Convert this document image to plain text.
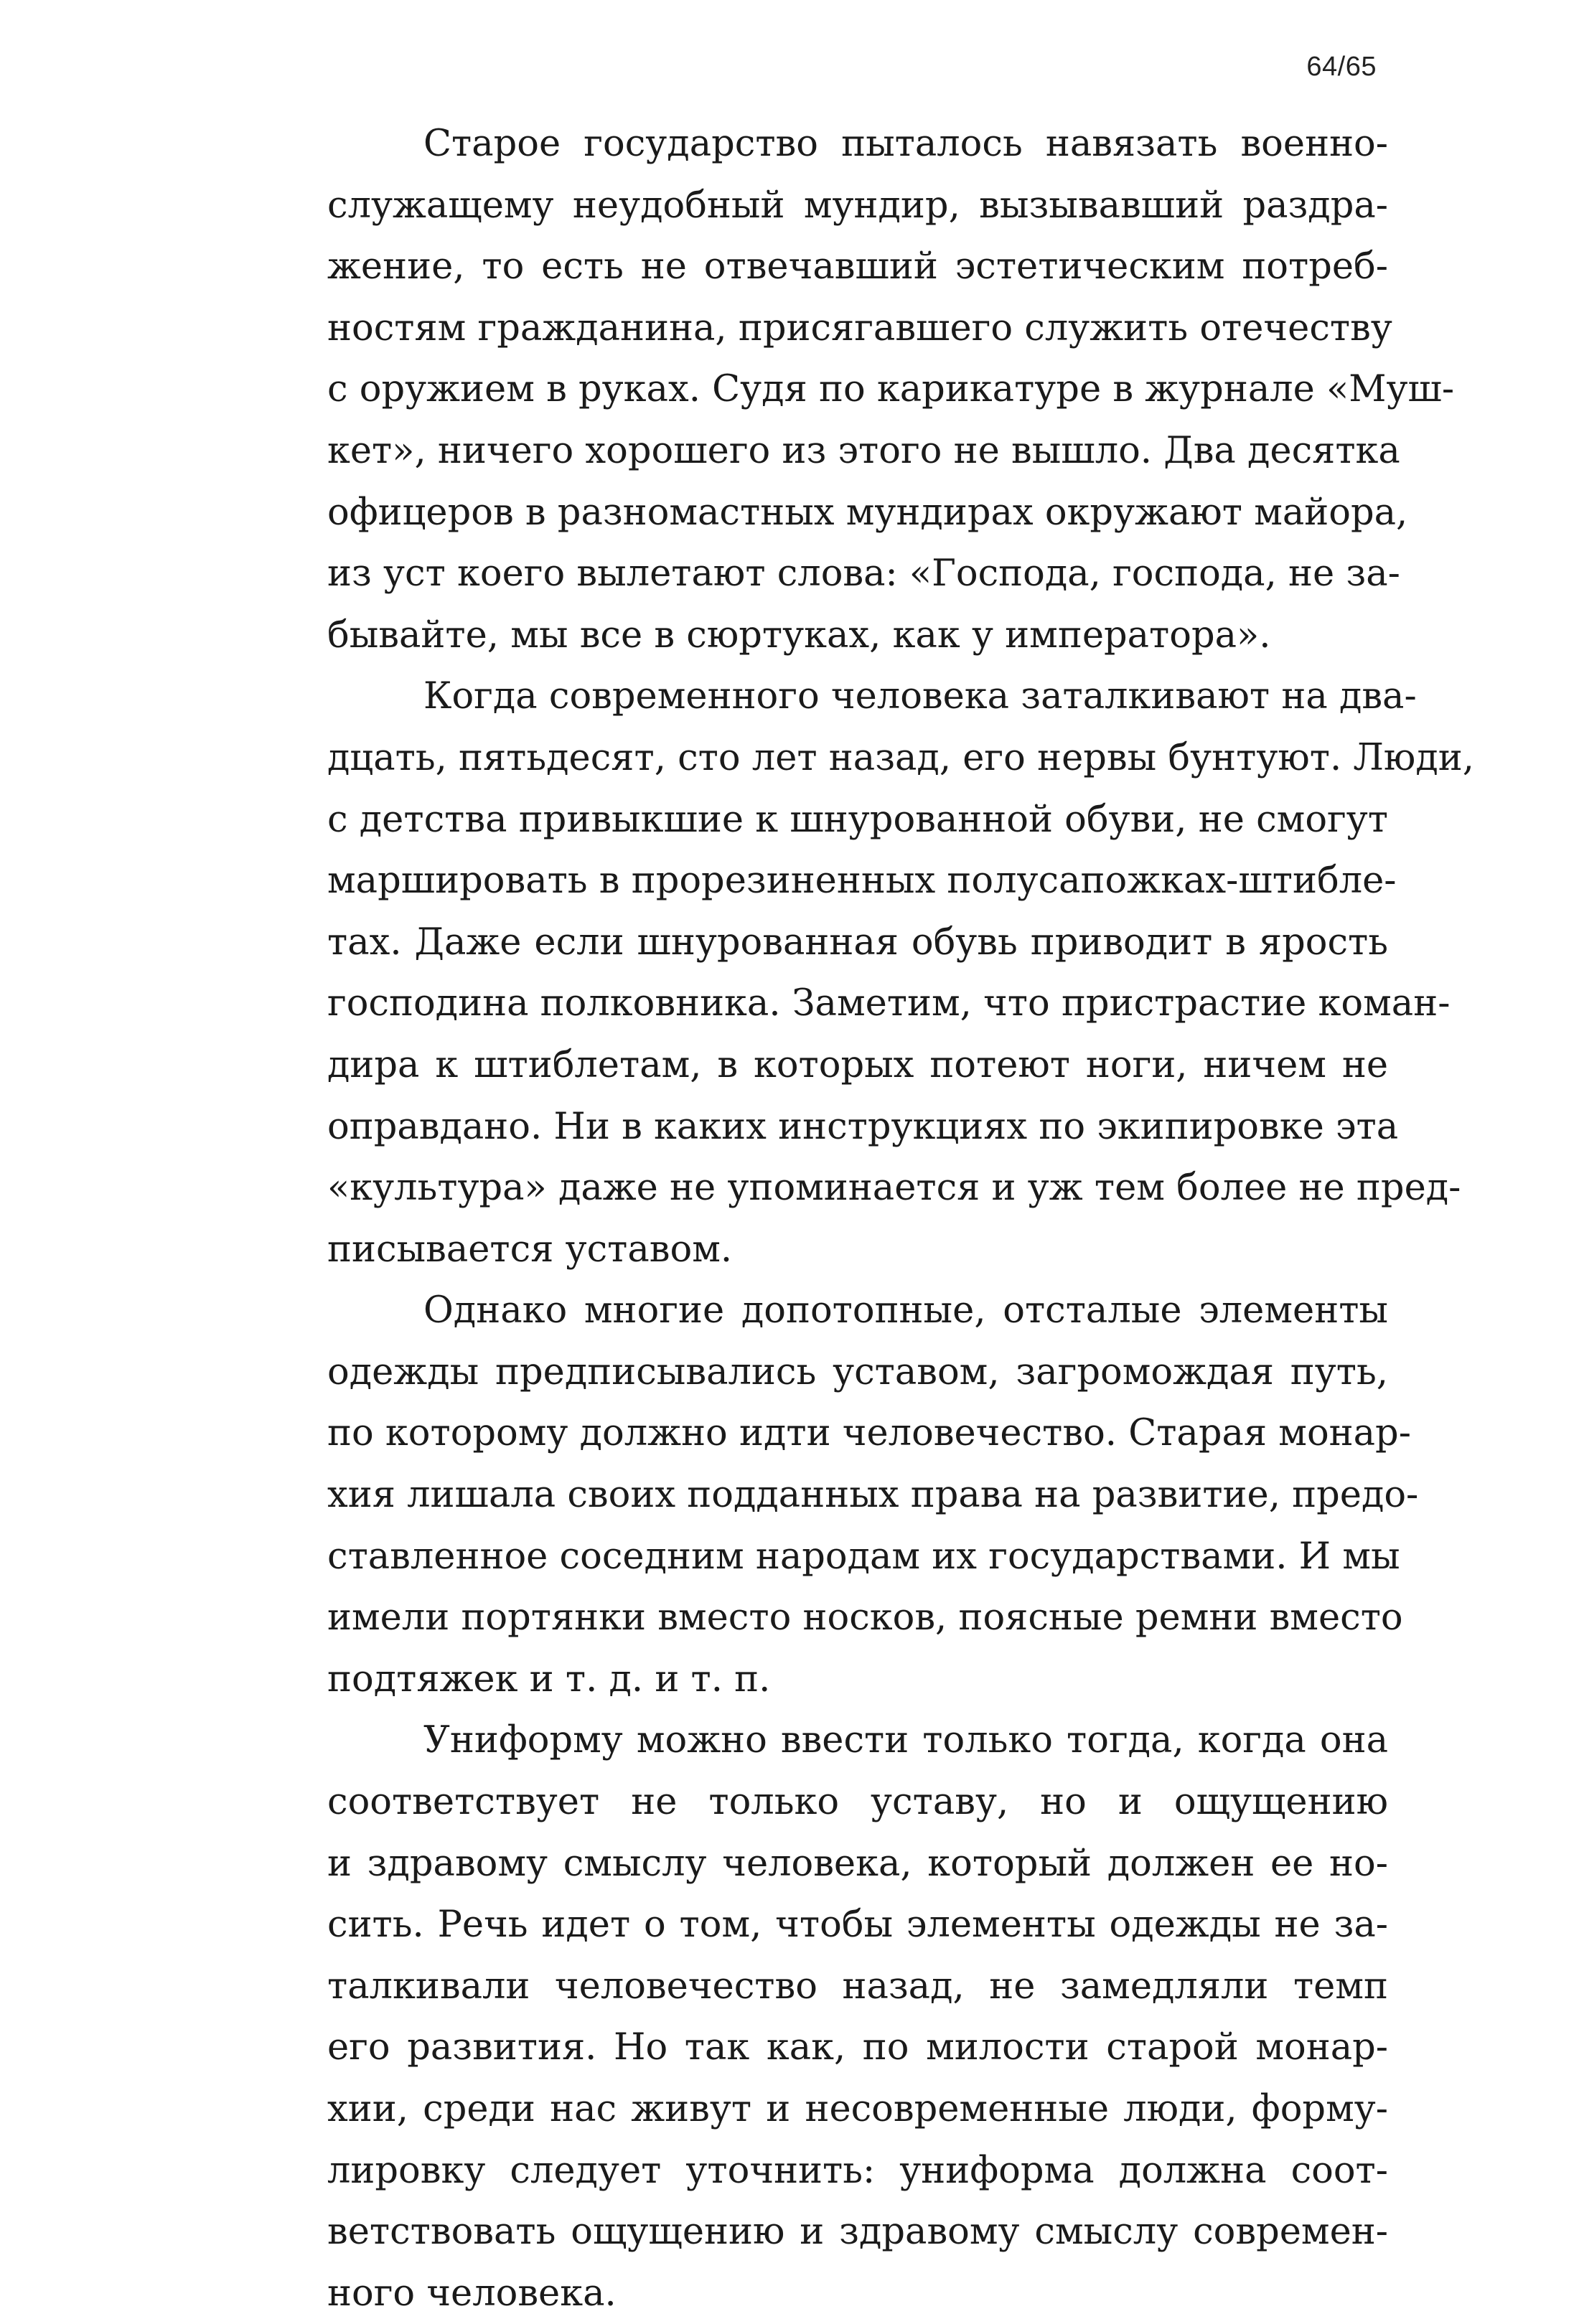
64/65

Старое государство пыталось навязать военно-
служащему неудобный мундир, вызывавший раздра-
жение, то есть не отвечавший эстетическим потреб-
ностям гражданина, присягавшего служить отечеству
с оружием в руках. Судя по карикатуре в журнале «Муш-
кет», ничего хорошего из этого не вышло. Два десятка
офицеров в разномастных мундирах окружают майора,
из уст коего вылетают слова: «Господа, господа, не за-
бывайте, мы все в сюртуках, как у императора».

Когда современного человека заталкивают на два-
дцать, пятьдесят, сто лет назад, его нервы бунтуют. Люди,
с детства привыкшие к шнурованной обуви, не смогут
маршировать в прорезиненных полусапожках-штибле-
тах. Даже если шнурованная обувь приводит в ярость
господина полковника. Заметим, что пристрастие коман-
дира к штиблетам, в которых потеют ноги, ничем не
оправдано. Ни в каких инструкциях по экипировке эта
«культура» даже не упоминается и уж тем более не пред-
писывается уставом.

Однако многие допотопные, отсталые элементы
одежды предписывались уставом, загромождая путь,
по которому должно идти человечество. Старая монар-
хия лишала своих подданных права на развитие, предо-
ставленное соседним народам их государствами. И мы
имели портянки вместо носков, поясные ремни вместо
подтяжек и т. д. и т. п.

Униформу можно ввести только тогда, когда она
соответствует не только уставу, но и ощущению
и здравому смыслу человека, который должен ее но-
сить. Речь идет о том, чтобы элементы одежды не за-
талкивали человечество назад, не замедляли темп
его развития. Но так как, по милости старой монар-
хии, среди нас живут и несовременные люди, форму-
лировку следует уточнить: униформа должна соот-
ветствовать ощущению и здравому смыслу современ-
ного человека.
